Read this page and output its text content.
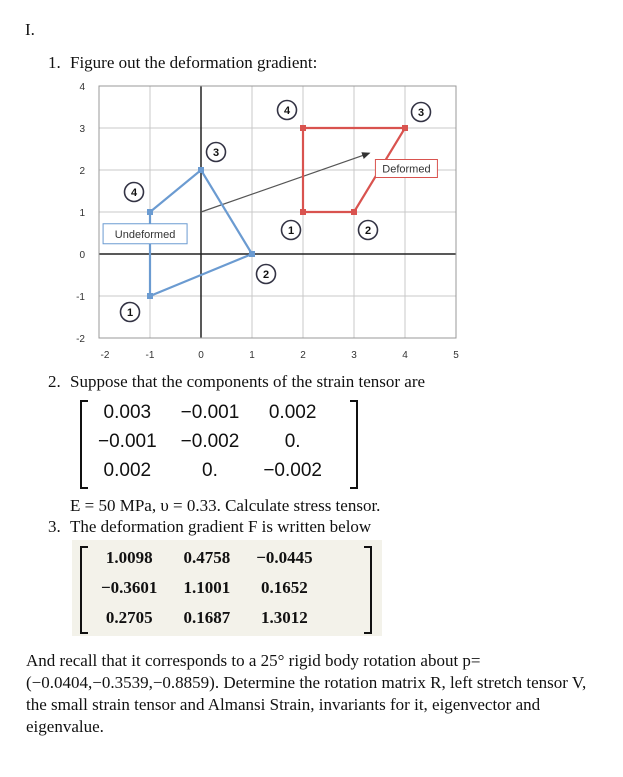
I.
1. Figure out the deformation gradient:
-2	-1	0	1	2	3	4	5
4
3
2
1
0
-1
-2
1
2
3
4
1	2
3
4
Undeformed
Deformed
2. Suppose that the components of the strain tensor are
0.003	−0.001	0.002
−0.001	−0.002	0.
0.002	0.	−0.002
E = 50 MPa, υ = 0.33. Calculate stress tensor.
3. The deformation gradient F is written below
1.0098	0.4758	−0.0445
−0.3601	1.1001	0.1652
0.2705	0.1687	1.3012
And recall that it corresponds to a 25° rigid body rotation about p=(−0.0404,−0.3539,−0.8859). Determine the rotation matrix R, left stretch tensor V, the small strain tensor and Almansi Strain, invariants for it, eigenvector and eigenvalue.
